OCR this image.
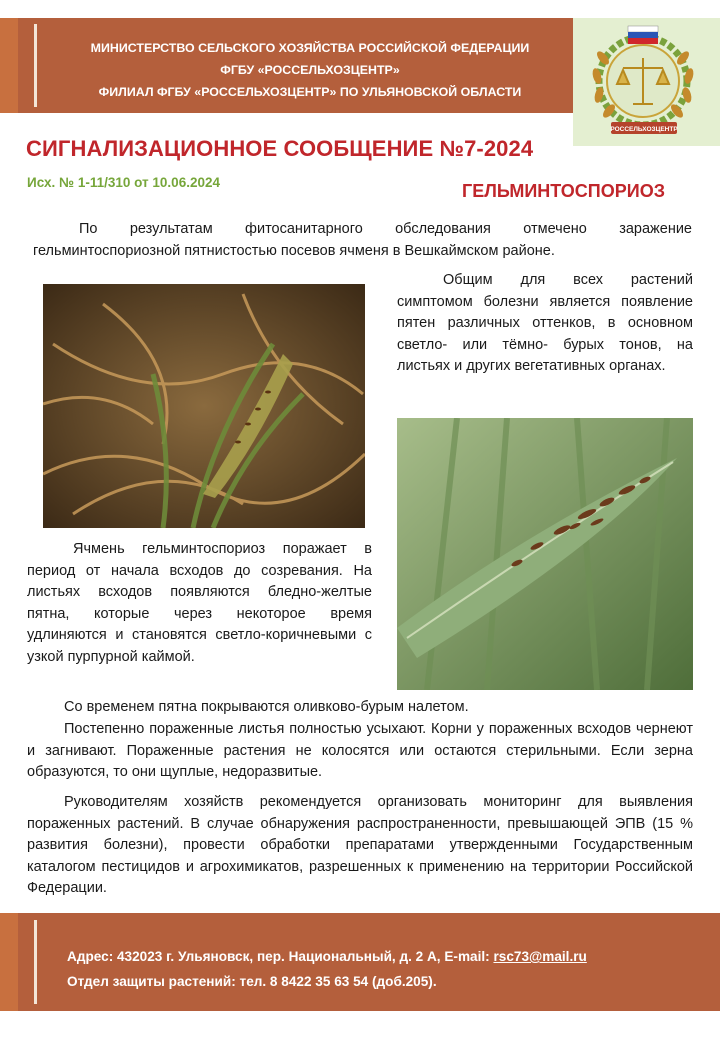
МИНИСТЕРСТВО СЕЛЬСКОГО ХОЗЯЙСТВА РОССИЙСКОЙ ФЕДЕРАЦИИ
ФГБУ «РОССЕЛЬХОЗЦЕНТР»
ФИЛИАЛ ФГБУ «РОССЕЛЬХОЗЦЕНТР» ПО УЛЬЯНОВСКОЙ ОБЛАСТИ
РОССЕЛЬХОЗЦЕНТР
СИГНАЛИЗАЦИОННОЕ СООБЩЕНИЕ №7-2024
Исх. № 1-11/310 от 10.06.2024	ГЕЛЬМИНТОСПОРИОЗ
По результатам фитосанитарного обследования отмечено заражение гельминтоспориозной пятнистостью посевов ячменя в Вешкаймском районе.
Общим для всех растений симптомом болезни является появление пятен различных оттенков, в основном светло- или тёмно- бурых тонов, на листьях и других вегетативных органах.
Ячмень гельминтоспориоз поражает в период от начала всходов до созревания. На листьях всходов появляются бледно-желтые пятна, которые через некоторое время удлиняются и становятся светло-коричневыми с узкой пурпурной каймой.
Со временем пятна покрываются оливково-бурым налетом.
Постепенно пораженные листья полностью усыхают. Корни у пораженных всходов чернеют и загнивают. Пораженные растения не колосятся или остаются стерильными. Если зерна образуются, то они щуплые, недоразвитые.
Руководителям хозяйств рекомендуется организовать мониторинг для выявления пораженных растений. В случае обнаружения распространенности, превышающей ЭПВ (15 % развития болезни), провести обработки препаратами утвержденными Государственным каталогом пестицидов и агрохимикатов, разрешенных к применению на территории Российской Федерации.
Адрес: 432023 г. Ульяновск, пер. Национальный, д. 2 А, E-mail: rsc73@mail.ru
Отдел защиты растений: тел. 8 8422 35 63 54 (доб.205).
